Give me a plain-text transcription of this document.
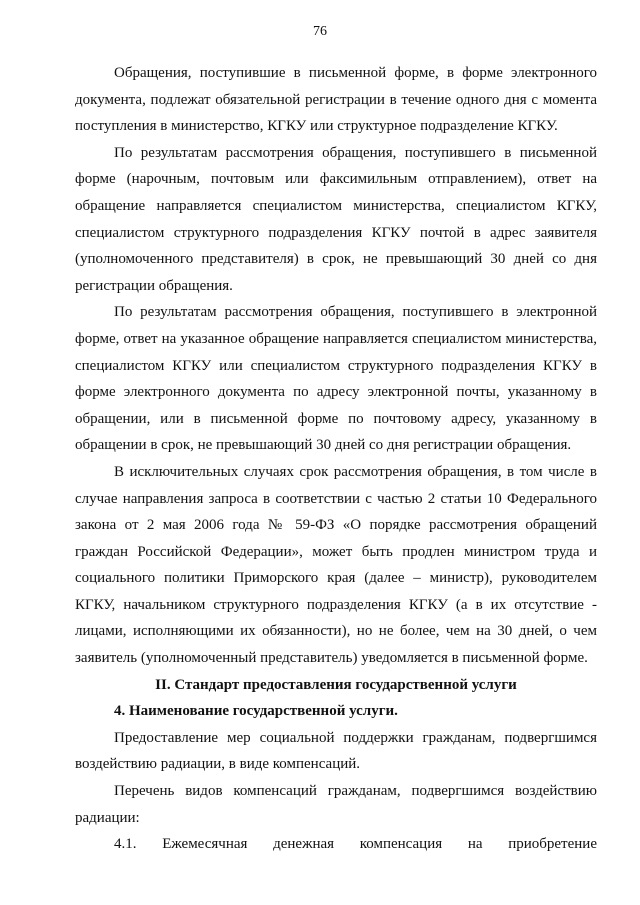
76

Обращения, поступившие в письменной форме, в форме электронного документа, подлежат обязательной регистрации в течение одного дня с момента поступления в министерство, КГКУ или структурное подразделение КГКУ.

По результатам рассмотрения обращения, поступившего в письменной форме (нарочным, почтовым или факсимильным отправлением), ответ на обращение направляется специалистом министерства, специалистом КГКУ, специалистом структурного подразделения КГКУ почтой в адрес заявителя (уполномоченного представителя) в срок, не превышающий 30 дней со дня регистрации обращения.

По результатам рассмотрения обращения, поступившего в электронной форме, ответ на указанное обращение направляется специалистом министерства, специалистом КГКУ или специалистом структурного подразделения КГКУ в форме электронного документа по адресу электронной почты, указанному в обращении, или в письменной форме по почтовому адресу, указанному в обращении в срок, не превышающий 30 дней со дня регистрации обращения.

В исключительных случаях срок рассмотрения обращения, в том числе в случае направления запроса в соответствии с частью 2 статьи 10 Федерального закона от 2 мая 2006 года № 59-ФЗ «О порядке рассмотрения обращений граждан Российской Федерации», может быть продлен министром труда и социального политики Приморского края (далее – министр), руководителем КГКУ, начальником структурного подразделения КГКУ (а в их отсутствие - лицами, исполняющими их обязанности), но не более, чем на 30 дней, о чем заявитель (уполномоченный представитель) уведомляется в письменной форме.

II. Стандарт предоставления государственной услуги
4. Наименование государственной услуги.

Предоставление мер социальной поддержки гражданам, подвергшимся воздействию радиации, в виде компенсаций.

Перечень видов компенсаций гражданам, подвергшимся воздействию радиации:

4.1. Ежемесячная денежная компенсация на приобретение
